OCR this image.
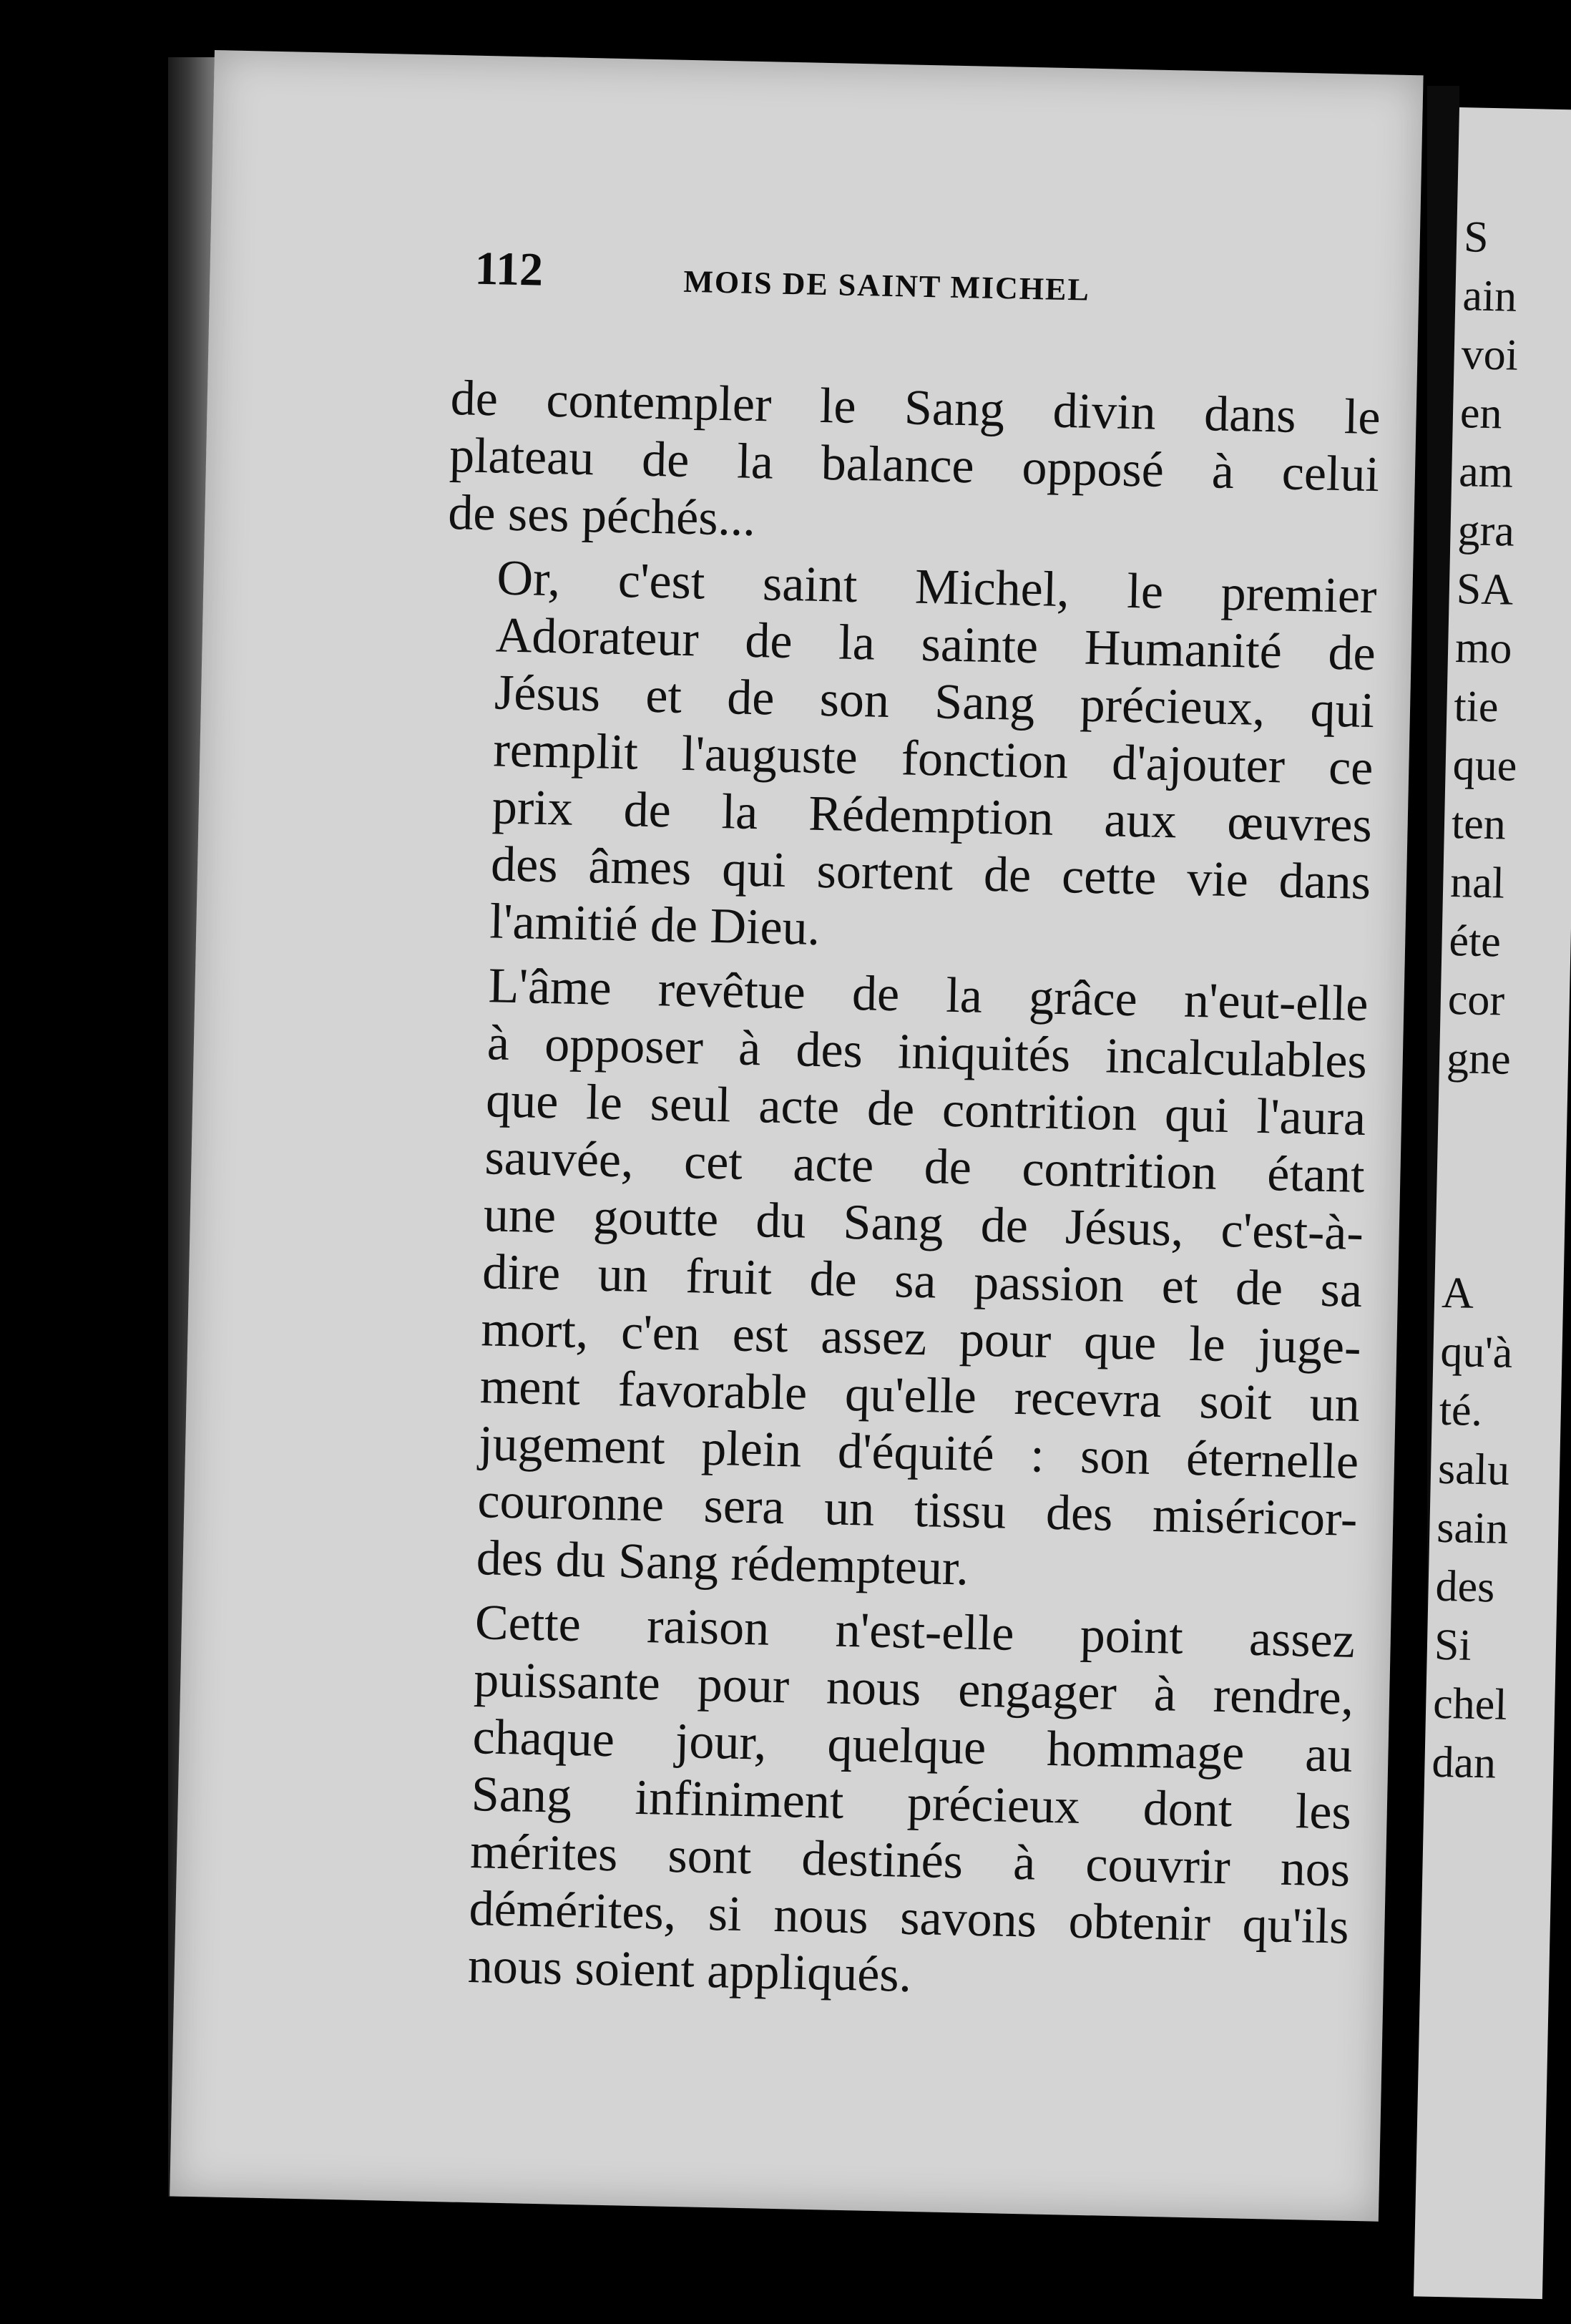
S
ain
voi
en
am
gra
SA
mo
tie
que
ten
nal
éte
cor
gne
A
qu'à
té.
salu
sain
des
Si
chel
dan
112	MOIS DE SAINT MICHEL

de contempler le Sang divin dans le
plateau de la balance opposé à celui
de ses péchés...

Or, c'est saint Michel, le premier
Adorateur de la sainte Humanité de
Jésus et de son Sang précieux, qui
remplit l'auguste fonction d'ajouter ce
prix de la Rédemption aux œuvres
des âmes qui sortent de cette vie dans
l'amitié de Dieu.

L'âme revêtue de la grâce n'eut-elle
à opposer à des iniquités incalculables
que le seul acte de contrition qui l'aura
sauvée, cet acte de contrition étant
une goutte du Sang de Jésus, c'est-à-
dire un fruit de sa passion et de sa
mort, c'en est assez pour que le juge-
ment favorable qu'elle recevra soit un
jugement plein d'équité : son éternelle
couronne sera un tissu des miséricor-
des du Sang rédempteur.

Cette raison n'est-elle point assez
puissante pour nous engager à rendre,
chaque jour, quelque hommage au
Sang infiniment précieux dont les
mérites sont destinés à couvrir nos
démérites, si nous savons obtenir qu'ils
nous soient appliqués.
